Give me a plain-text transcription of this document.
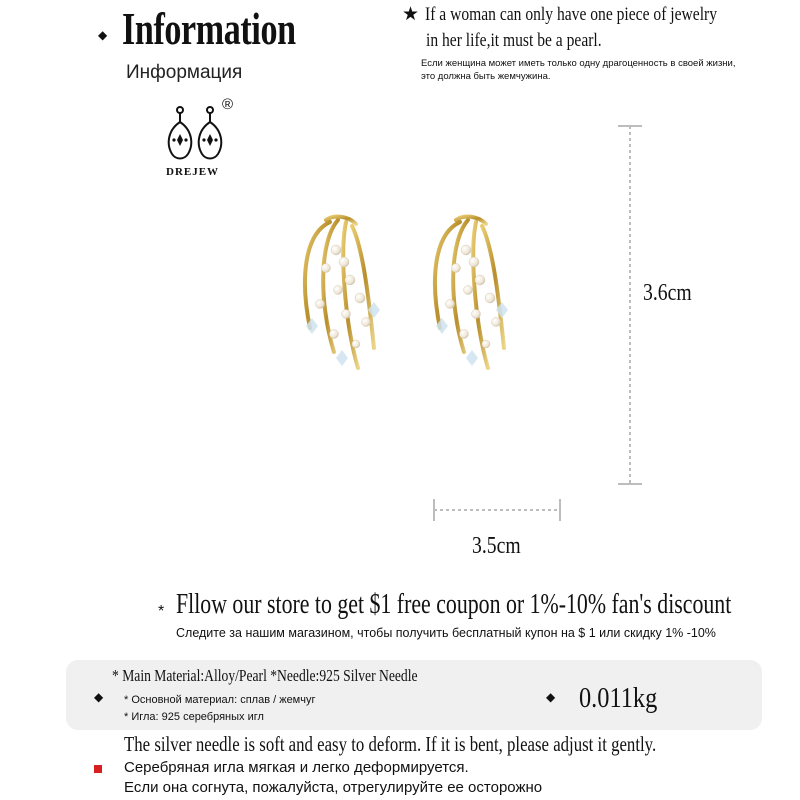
◆ Information
Информация
DREJEW
®
★ If a woman can only have one piece of jewelry
in her life,it must be a pearl.
Если женщина может иметь только одну драгоценность в своей жизни,
это должна быть жемчужина.
3.6cm
3.5cm
* Fllow our store to get $1 free coupon or 1%-10% fan's discount
Следите за нашим магазином, чтобы получить бесплатный купон на $ 1 или скидку 1% -10%
* Main Material:Alloy/Pearl *Needle:925 Silver Needle
◆ * Основной материал: сплав / жемчуг
* Игла: 925 серебряных игл
◆ 0.011kg
The silver needle is soft and easy to deform. If it is bent, please adjust it gently.
Серебряная игла мягкая и легко деформируется.
Если она согнута, пожалуйста, отрегулируйте ее осторожно
